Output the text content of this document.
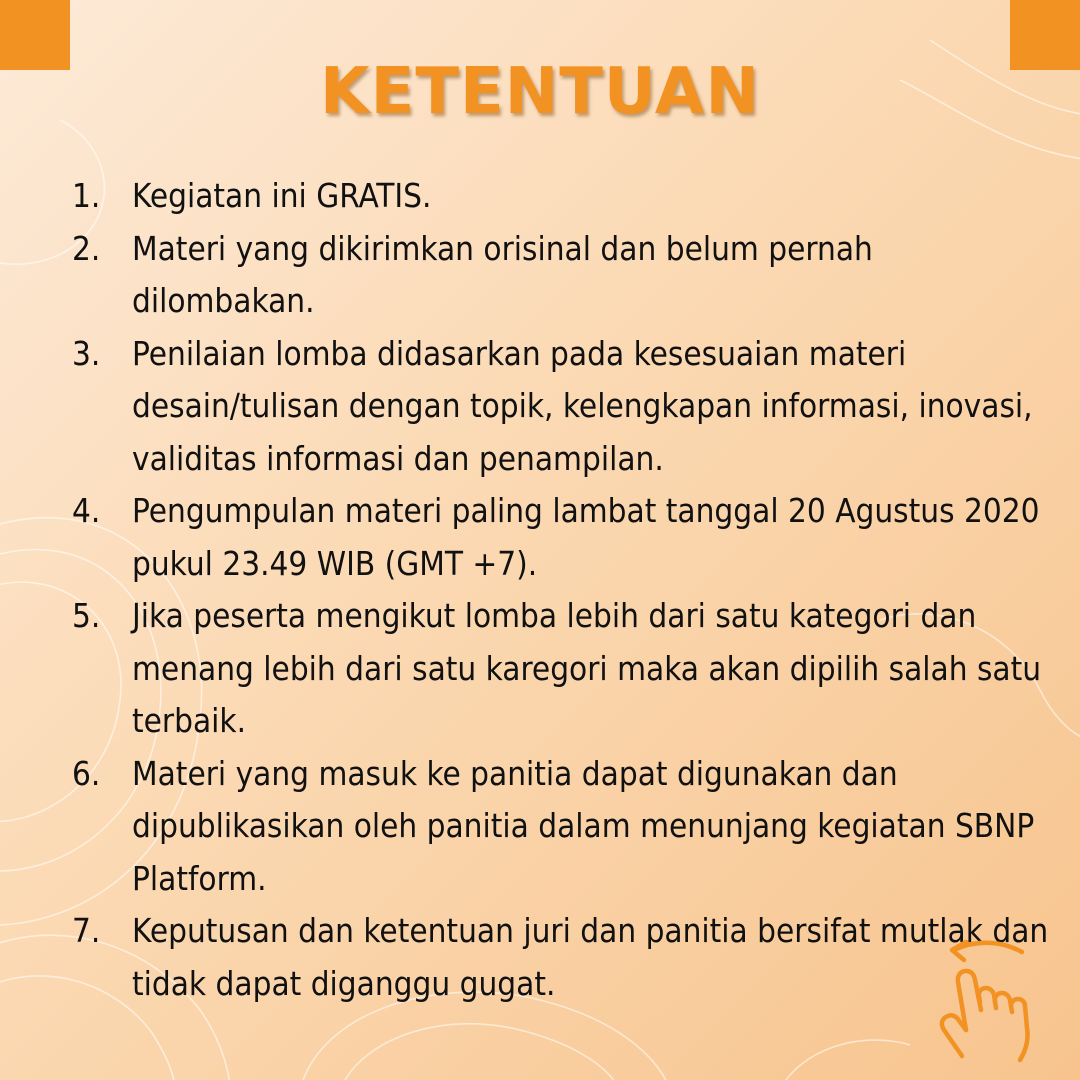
KETENTUAN
1. Kegiatan ini GRATIS.
2. Materi yang dikirimkan orisinal dan belum pernah dilombakan.
3. Penilaian lomba didasarkan pada kesesuaian materi desain/tulisan dengan topik, kelengkapan informasi, inovasi, validitas informasi dan penampilan.
4. Pengumpulan materi paling lambat tanggal 20 Agustus 2020 pukul 23.49 WIB (GMT +7).
5. Jika peserta mengikut lomba lebih dari satu kategori dan menang lebih dari satu karegori maka akan dipilih salah satu terbaik.
6. Materi yang masuk ke panitia dapat digunakan dan dipublikasikan oleh panitia dalam menunjang kegiatan SBNP Platform.
7. Keputusan dan ketentuan juri dan panitia bersifat mutlak dan tidak dapat diganggu gugat.
